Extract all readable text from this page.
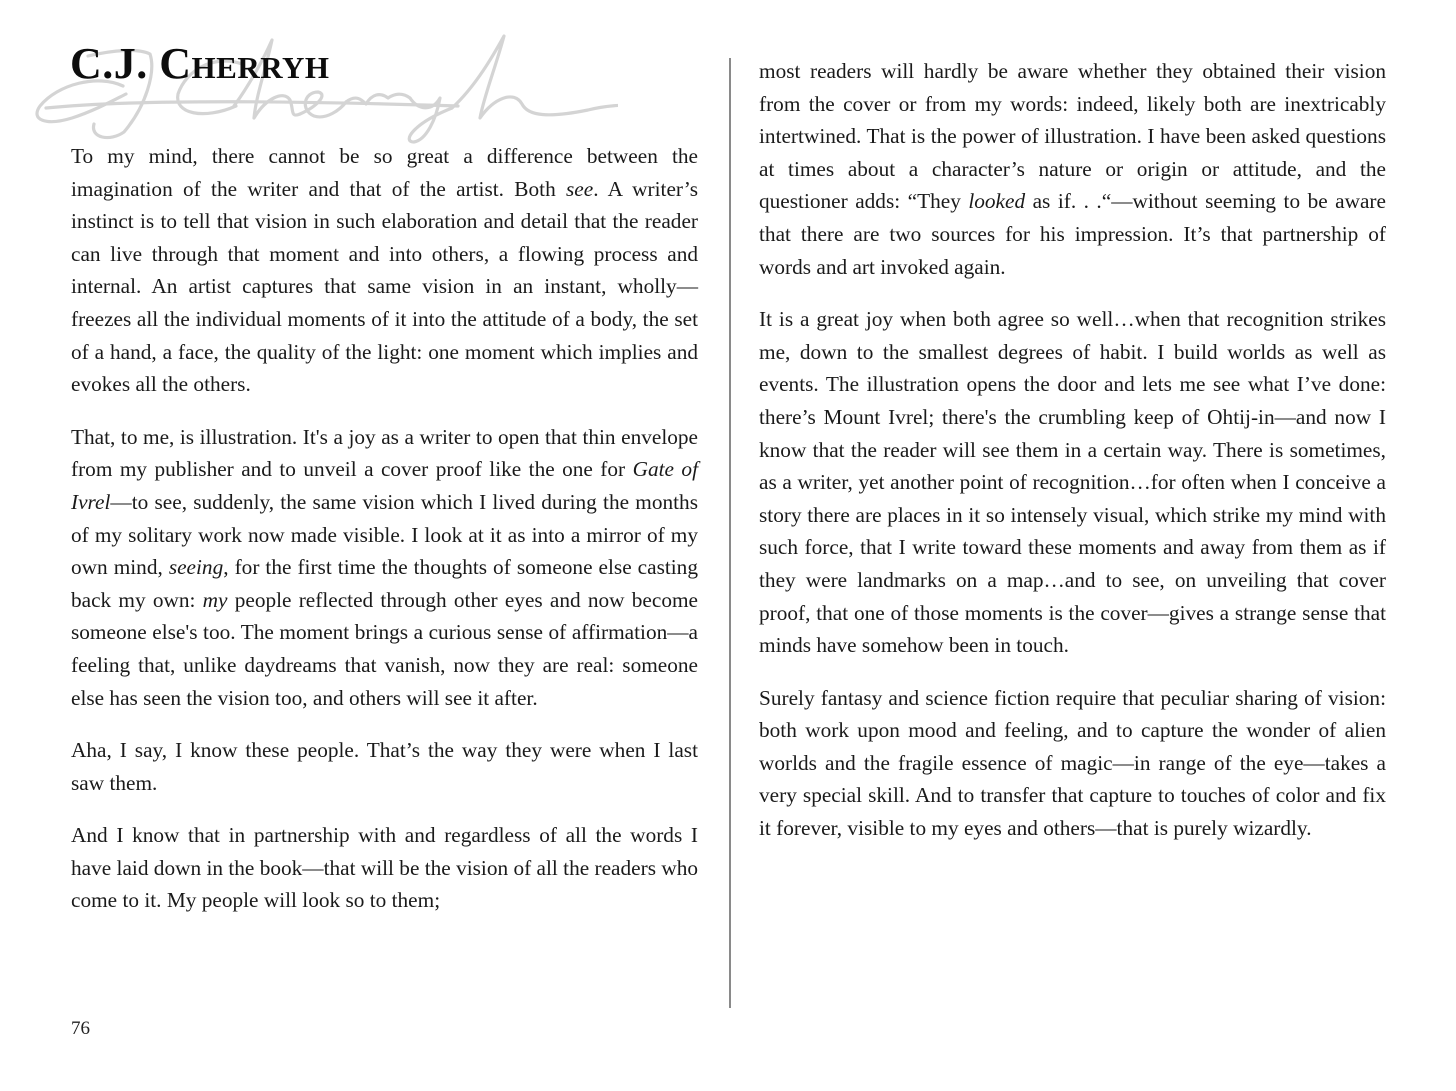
C.J. Cherryh

To my mind, there cannot be so great a difference between the imagination of the writer and that of the artist. Both see. A writer’s instinct is to tell that vision in such elaboration and detail that the reader can live through that moment and into others, a flowing process and internal. An artist captures that same vision in an instant, wholly—freezes all the individual moments of it into the attitude of a body, the set of a hand, a face, the quality of the light: one moment which implies and evokes all the others.

That, to me, is illustration. It's a joy as a writer to open that thin envelope from my publisher and to unveil a cover proof like the one for Gate of Ivrel—to see, suddenly, the same vision which I lived during the months of my solitary work now made visible. I look at it as into a mirror of my own mind, seeing, for the first time the thoughts of someone else casting back my own: my people reflected through other eyes and now become someone else's too. The moment brings a curious sense of affirmation—a feeling that, unlike daydreams that vanish, now they are real: someone else has seen the vision too, and others will see it after.

Aha, I say, I know these people. That’s the way they were when I last saw them.

And I know that in partnership with and regardless of all the words I have laid down in the book—that will be the vision of all the readers who come to it. My people will look so to them;

most readers will hardly be aware whether they obtained their vision from the cover or from my words: indeed, likely both are inextricably intertwined. That is the power of illustration. I have been asked questions at times about a character’s nature or origin or attitude, and the questioner adds: “They looked as if. . .“—without seeming to be aware that there are two sources for his impression. It’s that partnership of words and art invoked again.

It is a great joy when both agree so well…when that recognition strikes me, down to the smallest degrees of habit. I build worlds as well as events. The illustration opens the door and lets me see what I’ve done: there’s Mount Ivrel; there's the crumbling keep of Ohtij-in—and now I know that the reader will see them in a certain way. There is sometimes, as a writer, yet another point of recognition…for often when I conceive a story there are places in it so intensely visual, which strike my mind with such force, that I write toward these moments and away from them as if they were landmarks on a map…and to see, on unveiling that cover proof, that one of those moments is the cover—gives a strange sense that minds have somehow been in touch.

Surely fantasy and science fiction require that peculiar sharing of vision: both work upon mood and feeling, and to capture the wonder of alien worlds and the fragile essence of magic—in range of the eye—takes a very special skill. And to transfer that capture to touches of color and fix it forever, visible to my eyes and others—that is purely wizardly.

76
